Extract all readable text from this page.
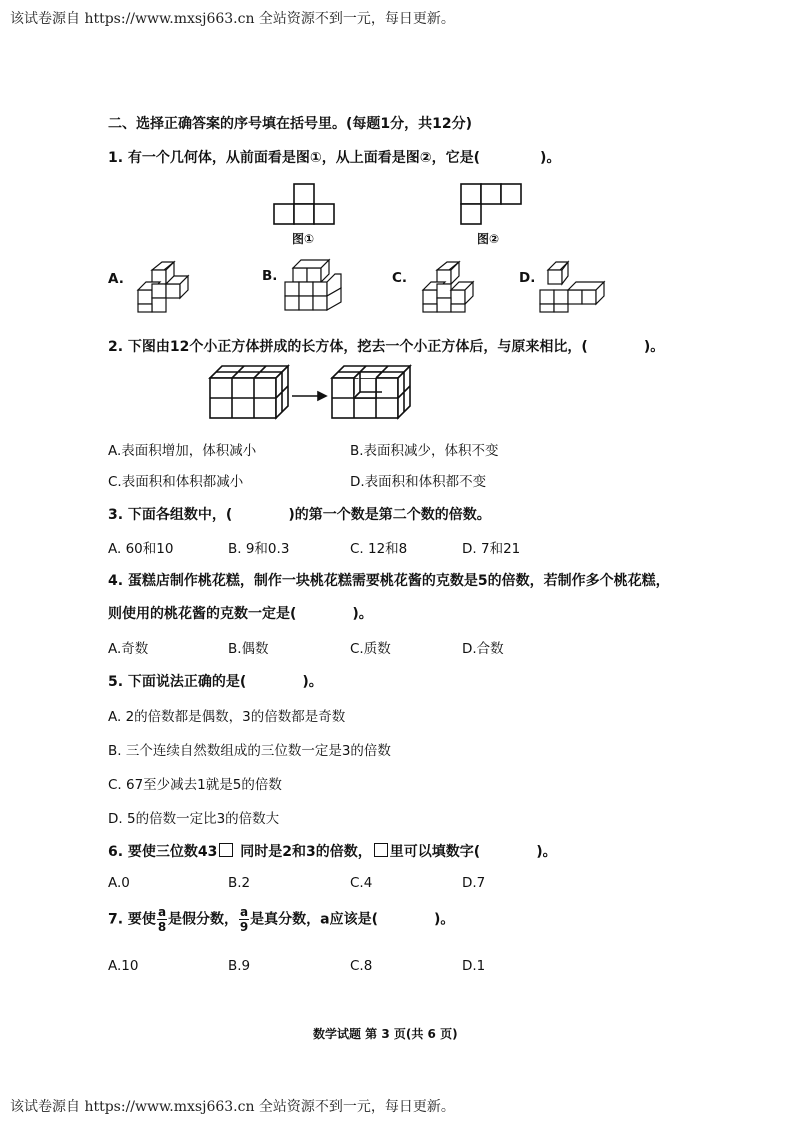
该试卷源自 https://www.mxsj663.cn 全站资源不到一元，每日更新。
二、选择正确答案的序号填在括号里。(每题1分，共12分)
1. 有一个几何体，从前面看是图①，从上面看是图②，它是(	)。
图①	图②
A.	B.	C.	D.
2. 下图由12个小正方体拼成的长方体，挖去一个小正方体后，与原来相比，(	)。
A.表面积增加，体积减小	B.表面积减少，体积不变
C.表面积和体积都减小	D.表面积和体积都不变
3. 下面各组数中，(	)的第一个数是第二个数的倍数。
A. 60和10	B. 9和0.3	C. 12和8	D. 7和21
4. 蛋糕店制作桃花糕，制作一块桃花糕需要桃花酱的克数是5的倍数，若制作多个桃花糕，
则使用的桃花酱的克数一定是(	)。
A.奇数	B.偶数	C.质数	D.合数
5. 下面说法正确的是(	)。
A. 2的倍数都是偶数，3的倍数都是奇数
B. 三个连续自然数组成的三位数一定是3的倍数
C. 67至少减去1就是5的倍数
D. 5的倍数一定比3的倍数大
6. 要使三位数43 同时是2和3的倍数， 里可以填数字(	)。
A.0	B.2	C.4	D.7
7. 要使 $\frac{a}{8}$ 是假分数， $\frac{a}{9}$ 是真分数，a应该是(	)。
A.10	B.9	C.8	D.1
数学试题 第 3 页(共 6 页)
该试卷源自 https://www.mxsj663.cn 全站资源不到一元，每日更新。
